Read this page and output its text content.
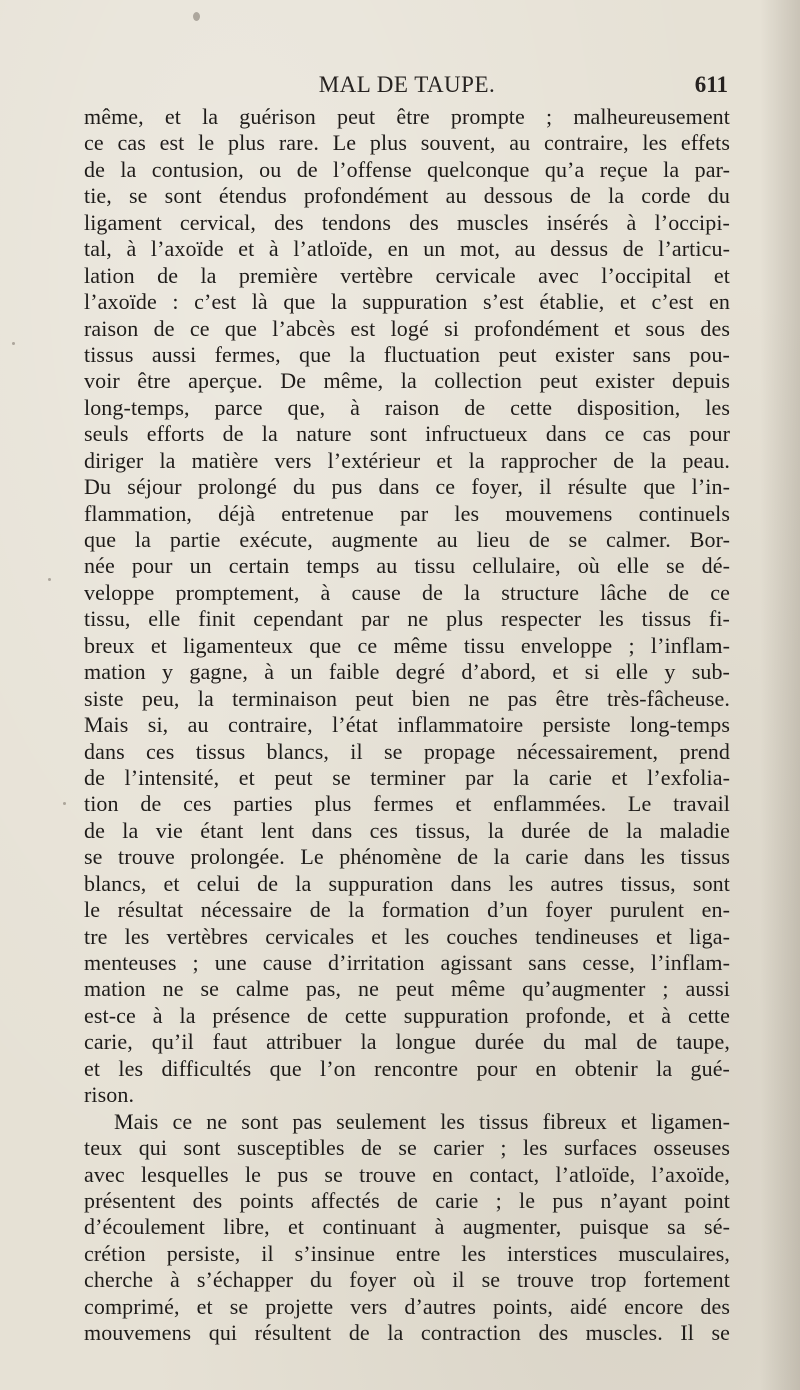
MAL DE TAUPE.	611
même, et la guérison peut être prompte ; malheureusement
ce cas est le plus rare. Le plus souvent, au contraire, les effets
de la contusion, ou de l’offense quelconque qu’a reçue la par-
tie, se sont étendus profondément au dessous de la corde du
ligament cervical, des tendons des muscles insérés à l’occipi-
tal, à l’axoïde et à l’atloïde, en un mot, au dessus de l’articu-
lation de la première vertèbre cervicale avec l’occipital et
l’axoïde : c’est là que la suppuration s’est établie, et c’est en
raison de ce que l’abcès est logé si profondément et sous des
tissus aussi fermes, que la fluctuation peut exister sans pou-
voir être aperçue. De même, la collection peut exister depuis
long-temps, parce que, à raison de cette disposition, les
seuls efforts de la nature sont infructueux dans ce cas pour
diriger la matière vers l’extérieur et la rapprocher de la peau.
Du séjour prolongé du pus dans ce foyer, il résulte que l’in-
flammation, déjà entretenue par les mouvemens continuels
que la partie exécute, augmente au lieu de se calmer. Bor-
née pour un certain temps au tissu cellulaire, où elle se dé-
veloppe promptement, à cause de la structure lâche de ce
tissu, elle finit cependant par ne plus respecter les tissus fi-
breux et ligamenteux que ce même tissu enveloppe ; l’inflam-
mation y gagne, à un faible degré d’abord, et si elle y sub-
siste peu, la terminaison peut bien ne pas être très-fâcheuse.
Mais si, au contraire, l’état inflammatoire persiste long-temps
dans ces tissus blancs, il se propage nécessairement, prend
de l’intensité, et peut se terminer par la carie et l’exfolia-
tion de ces parties plus fermes et enflammées. Le travail
de la vie étant lent dans ces tissus, la durée de la maladie
se trouve prolongée. Le phénomène de la carie dans les tissus
blancs, et celui de la suppuration dans les autres tissus, sont
le résultat nécessaire de la formation d’un foyer purulent en-
tre les vertèbres cervicales et les couches tendineuses et liga-
menteuses ; une cause d’irritation agissant sans cesse, l’inflam-
mation ne se calme pas, ne peut même qu’augmenter ; aussi
est-ce à la présence de cette suppuration profonde, et à cette
carie, qu’il faut attribuer la longue durée du mal de taupe,
et les difficultés que l’on rencontre pour en obtenir la gué-
rison.
Mais ce ne sont pas seulement les tissus fibreux et ligamen-
teux qui sont susceptibles de se carier ; les surfaces osseuses
avec lesquelles le pus se trouve en contact, l’atloïde, l’axoïde,
présentent des points affectés de carie ; le pus n’ayant point
d’écoulement libre, et continuant à augmenter, puisque sa sé-
crétion persiste, il s’insinue entre les interstices musculaires,
cherche à s’échapper du foyer où il se trouve trop fortement
comprimé, et se projette vers d’autres points, aidé encore des
mouvemens qui résultent de la contraction des muscles. Il se
